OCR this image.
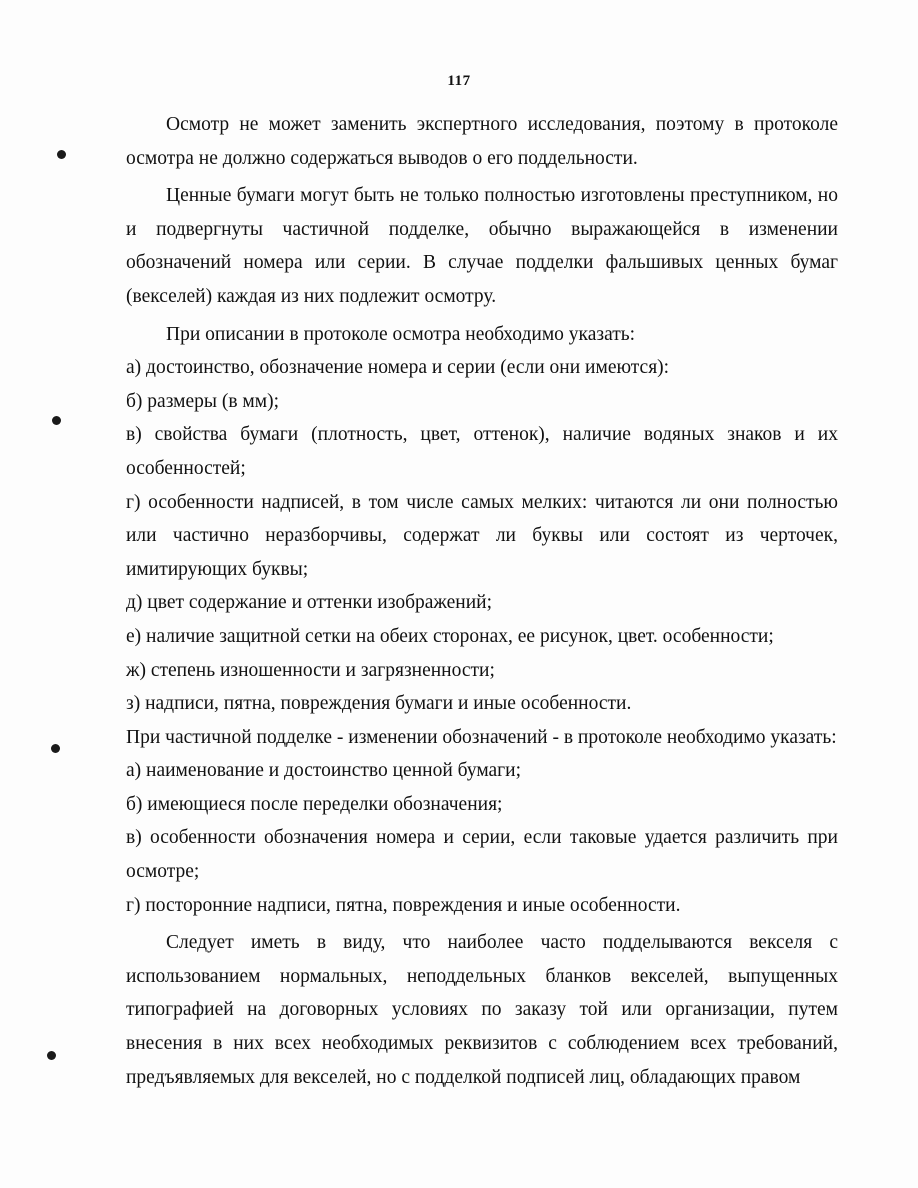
117

Осмотр не может заменить экспертного исследования, поэтому в протоколе осмотра не должно содержаться выводов о его поддельности.

Ценные бумаги могут быть не только полностью изготовлены преступником, но и подвергнуты частичной подделке, обычно выражающейся в изменении обозначений номера или серии. В случае подделки фальшивых ценных бумаг (векселей) каждая из них подлежит осмотру.

При описании в протоколе осмотра необходимо указать:

а) достоинство, обозначение номера и серии (если они имеются):

б) размеры (в мм);

в) свойства бумаги (плотность, цвет, оттенок), наличие водяных знаков и их особенностей;

г) особенности надписей, в том числе самых мелких: читаются ли они полностью или частично неразборчивы, содержат ли буквы или состоят из черточек, имитирующих буквы;

д) цвет содержание и оттенки изображений;

е) наличие защитной сетки на обеих сторонах, ее рисунок, цвет. особенности;

ж) степень изношенности и загрязненности;

з) надписи, пятна, повреждения бумаги и иные особенности.

При частичной подделке - изменении обозначений - в протоколе необходимо указать:

а) наименование и достоинство ценной бумаги;

б) имеющиеся после переделки обозначения;

в) особенности обозначения номера и серии, если таковые удается различить при осмотре;

г) посторонние надписи, пятна, повреждения и иные особенности.

Следует иметь в виду, что наиболее часто подделываются векселя с использованием нормальных, неподдельных бланков векселей, выпущенных типографией на договорных условиях по заказу той или организации, путем внесения в них всех необходимых реквизитов с соблюдением всех требований, предъявляемых для векселей, но с подделкой подписей лиц, обладающих правом
